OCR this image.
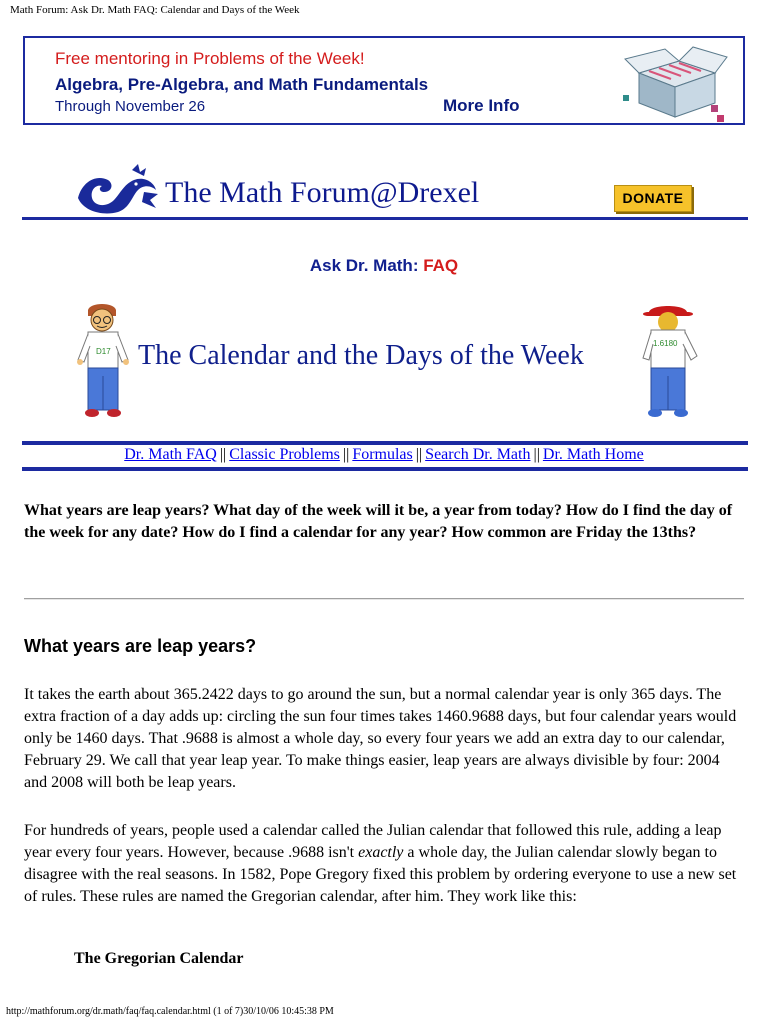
Math Forum: Ask Dr. Math FAQ: Calendar and Days of the Week
Free mentoring in Problems of the Week!
Algebra, Pre-Algebra, and Math Fundamentals
Through November 26	More Info
The Math Forum@Drexel	DONATE
Ask Dr. Math: FAQ
D17 The Calendar and the Days of the Week	1.6180
Dr. Math FAQ || Classic Problems || Formulas || Search Dr. Math || Dr. Math Home
What years are leap years? What day of the week will it be, a year from today? How do I find the day of the week for any date? How do I find a calendar for any year? How common are Friday the 13ths?
What years are leap years?
It takes the earth about 365.2422 days to go around the sun, but a normal calendar year is only 365 days. The extra fraction of a day adds up: circling the sun four times takes 1460.9688 days, but four calendar years would only be 1460 days. That .9688 is almost a whole day, so every four years we add an extra day to our calendar, February 29. We call that year leap year. To make things easier, leap years are always divisible by four: 2004 and 2008 will both be leap years.
For hundreds of years, people used a calendar called the Julian calendar that followed this rule, adding a leap year every four years. However, because .9688 isn't exactly a whole day, the Julian calendar slowly began to disagree with the real seasons. In 1582, Pope Gregory fixed this problem by ordering everyone to use a new set of rules. These rules are named the Gregorian calendar, after him. They work like this:
The Gregorian Calendar
http://mathforum.org/dr.math/faq/faq.calendar.html (1 of 7)30/10/06 10:45:38 PM
